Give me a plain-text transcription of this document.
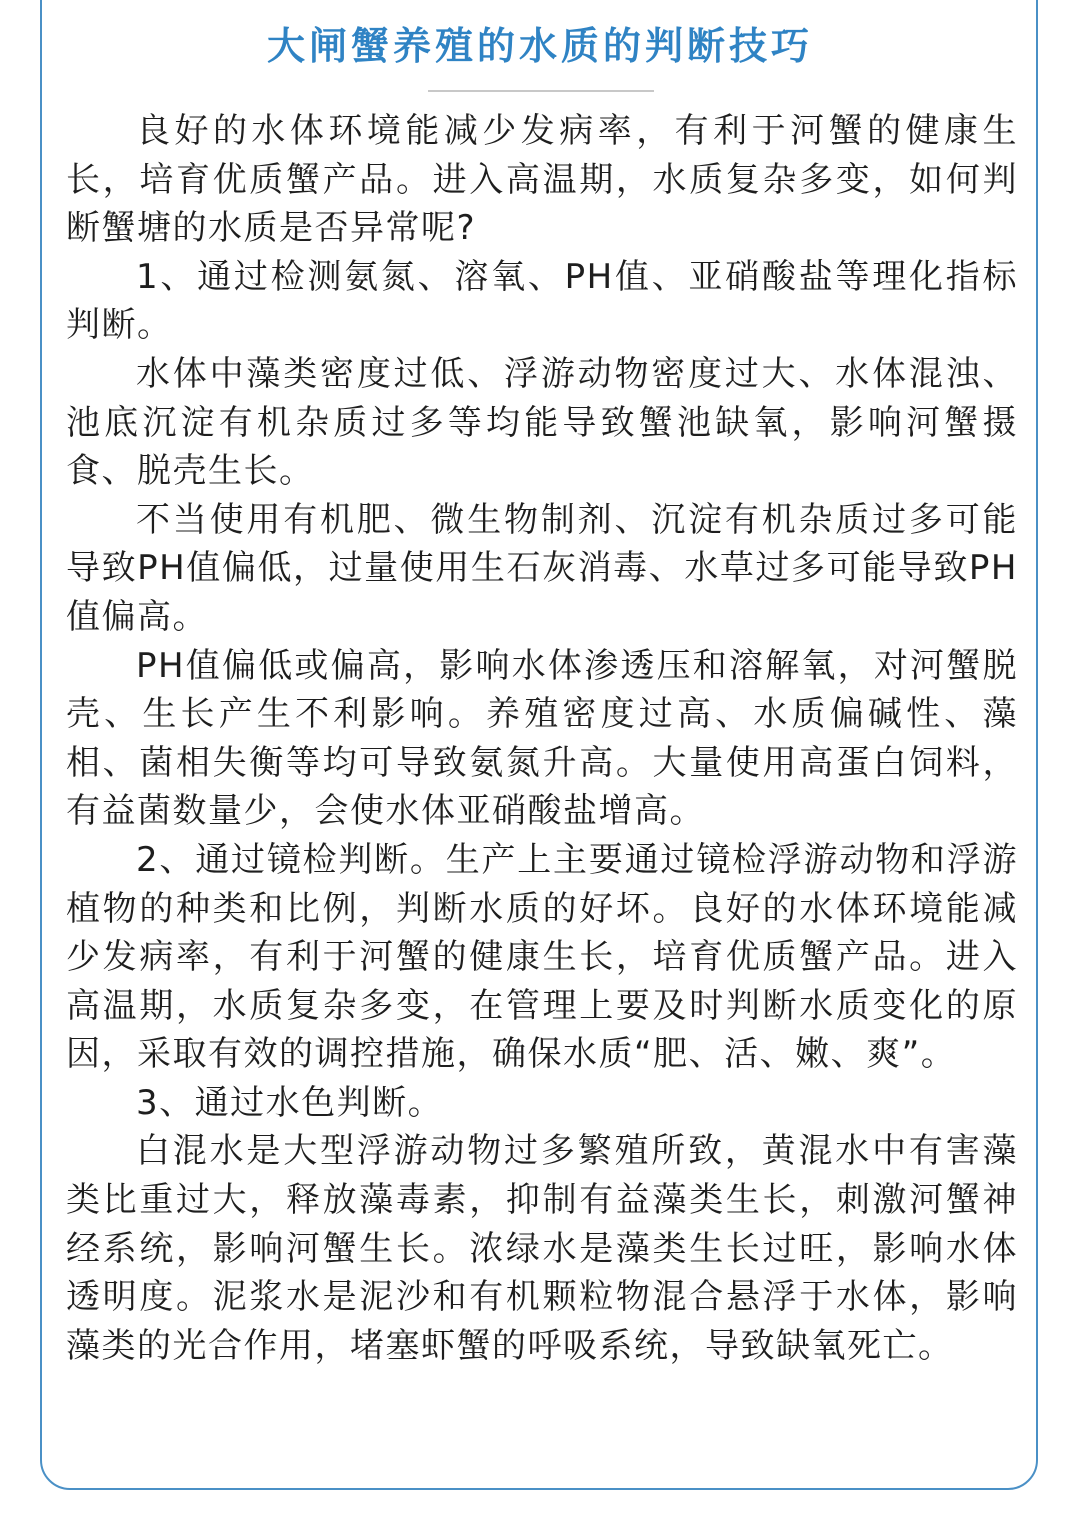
大闸蟹养殖的水质的判断技巧

良好的水体环境能减少发病率，有利于河蟹的健康生长，培育优质蟹产品。进入高温期，水质复杂多变，如何判断蟹塘的水质是否异常呢?

1、通过检测氨氮、溶氧、PH值、亚硝酸盐等理化指标判断。

水体中藻类密度过低、浮游动物密度过大、水体混浊、池底沉淀有机杂质过多等均能导致蟹池缺氧，影响河蟹摄食、脱壳生长。

不当使用有机肥、微生物制剂、沉淀有机杂质过多可能导致PH值偏低，过量使用生石灰消毒、水草过多可能导致PH值偏高。

PH值偏低或偏高，影响水体渗透压和溶解氧，对河蟹脱壳、生长产生不利影响。养殖密度过高、水质偏碱性、藻相、菌相失衡等均可导致氨氮升高。大量使用高蛋白饲料，有益菌数量少，会使水体亚硝酸盐增高。

2、通过镜检判断。生产上主要通过镜检浮游动物和浮游植物的种类和比例，判断水质的好坏。良好的水体环境能减少发病率，有利于河蟹的健康生长，培育优质蟹产品。进入高温期，水质复杂多变，在管理上要及时判断水质变化的原因，采取有效的调控措施，确保水质“肥、活、嫩、爽”。

3、通过水色判断。

白混水是大型浮游动物过多繁殖所致，黄混水中有害藻类比重过大，释放藻毒素，抑制有益藻类生长，刺激河蟹神经系统，影响河蟹生长。浓绿水是藻类生长过旺，影响水体透明度。泥浆水是泥沙和有机颗粒物混合悬浮于水体，影响藻类的光合作用，堵塞虾蟹的呼吸系统，导致缺氧死亡。
